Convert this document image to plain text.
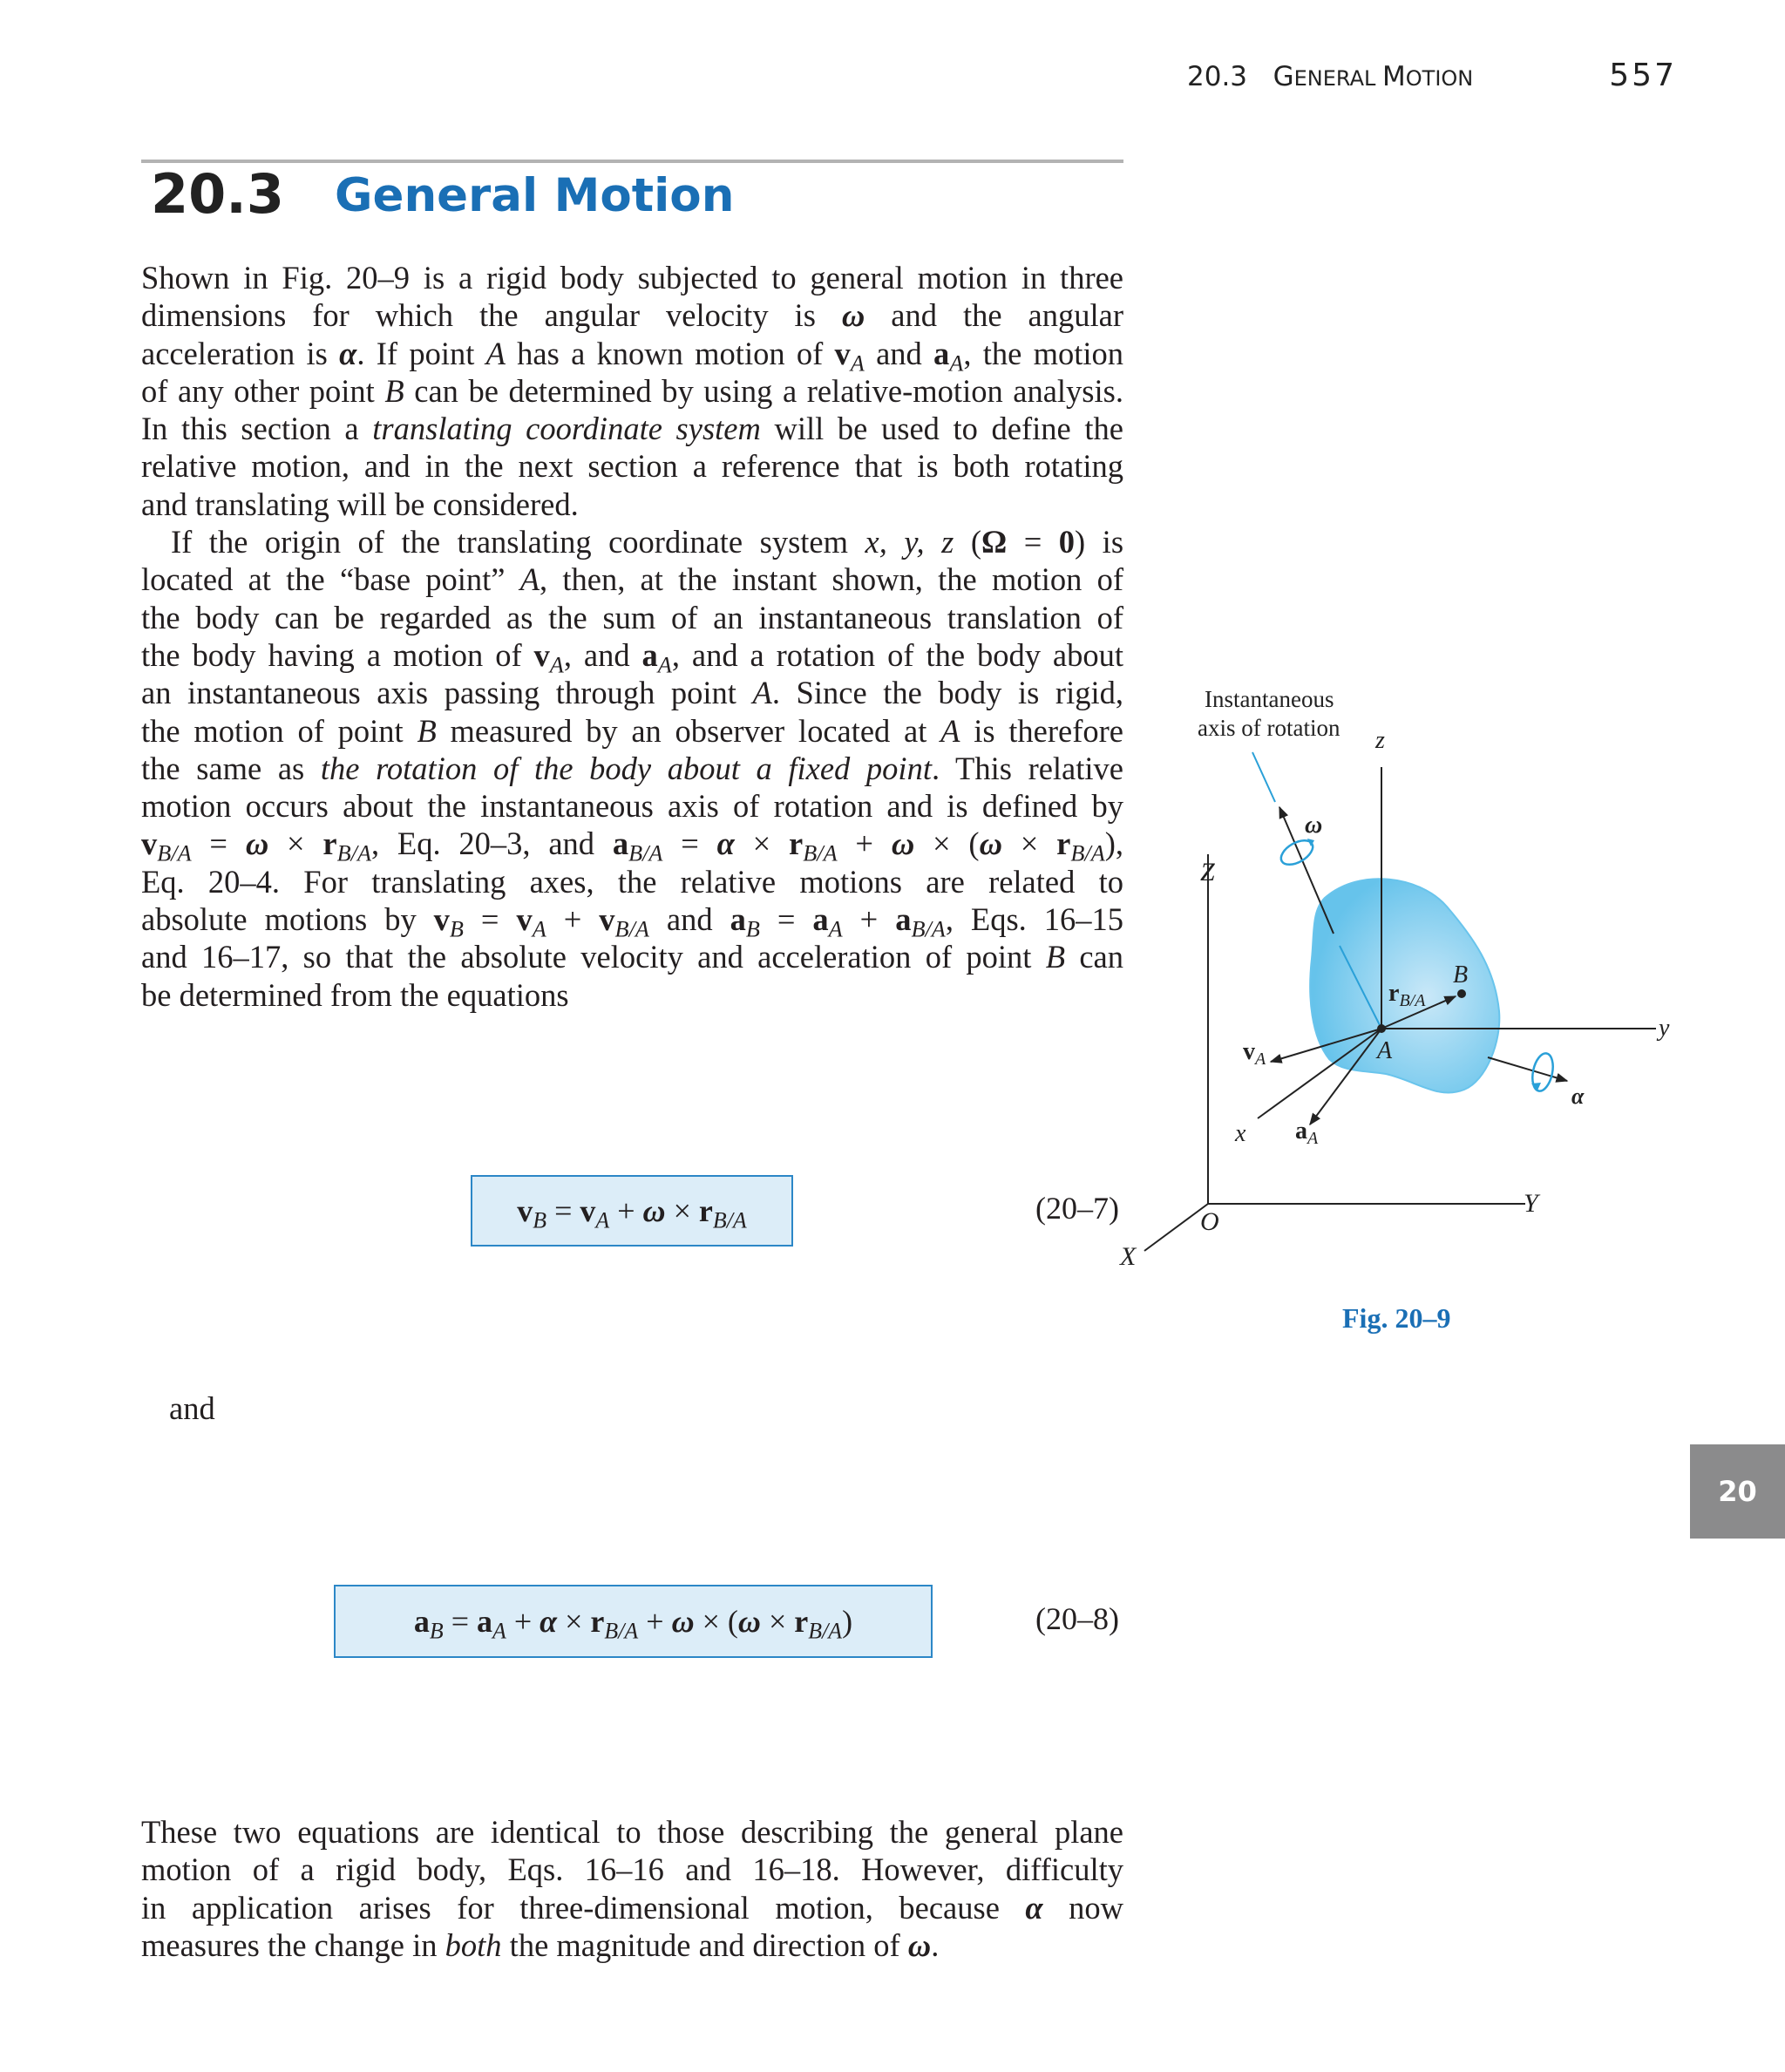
20.3 GENERAL MOTION	557
20.3 General Motion
Shown in Fig. 20–9 is a rigid body subjected to general motion in three
dimensions for which the angular velocity is ω and the angular
acceleration is α. If point A has a known motion of $v_A$ and $a_A$, the motion
of any other point B can be determined by using a relative-motion analysis.
In this section a translating coordinate system will be used to define the
relative motion, and in the next section a reference that is both rotating
and translating will be considered.
If the origin of the translating coordinate system x, y, z (Ω = 0) is
located at the “base point” A, then, at the instant shown, the motion of
the body can be regarded as the sum of an instantaneous translation of
the body having a motion of $v_A$, and $a_A$, and a rotation of the body about
an instantaneous axis passing through point A. Since the body is rigid,
the motion of point B measured by an observer located at A is therefore
the same as the rotation of the body about a fixed point. This relative
motion occurs about the instantaneous axis of rotation and is defined by
$v_{B/A} = \omega \times r_{B/A}$, Eq. 20–3, and $a_{B/A} = \alpha \times r_{B/A} + \omega \times (\omega \times r_{B/A})$,
Eq. 20–4. For translating axes, the relative motions are related to
absolute motions by $v_B = v_A + v_{B/A}$ and $a_B = a_A + a_{B/A}$, Eqs. 16–15
and 16–17, so that the absolute velocity and acceleration of point B can
be determined from the equations
$v_B = v_A + \omega \times r_{B/A}$	(20–7)
and
$a_B = a_A + \alpha \times r_{B/A} + \omega \times (\omega \times r_{B/A})$	(20–8)
These two equations are identical to those describing the general plane
motion of a rigid body, Eqs. 16–16 and 16–18. However, difficulty
in application arises for three-dimensional motion, because α now
measures the change in both the magnitude and direction of ω.
Instantaneous
axis of rotation z
Z
ω
B
$r_{B/A}$
y
A
$v_A$
α
x $a_A$
Y
O
X
Fig. 20–9
20
